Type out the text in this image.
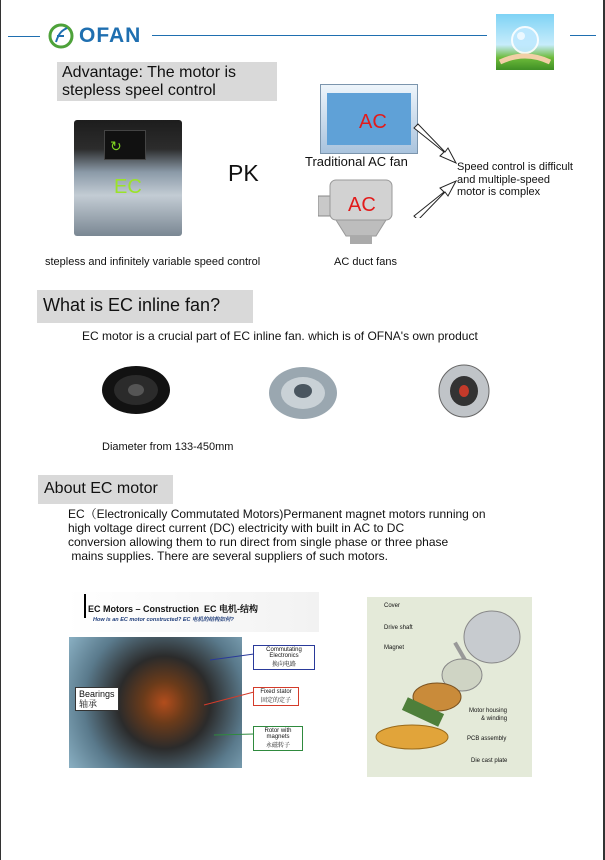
OFAN
Advantage: The motor is
stepless speel control
↻
EC
PK
AC
Traditional AC fan
AC
Speed control is difficult
and multiple-speed
motor is complex
stepless and infinitely variable speed control	AC duct fans
What is EC inline fan?
EC motor is a crucial part of EC inline fan. which is of OFNA's own product
Diameter from 133-450mm
About EC motor
EC（Electronically Commutated Motors)Permanent magnet motors running on
high voltage direct current (DC) electricity with built in AC to DC
conversion allowing them to run direct from single phase or three phase
mains supplies. There are several suppliers of such motors.
EC Motors – Construction EC 电机-结构
How is an EC motor constructed? EC 电机的结构如何?
Bearings
轴承
Commutating
Electronics
换向电路
Fixed stator
固定的定子
Rotor with
magnets
永磁转子
Cover
Drive shaft
Magnet
Motor housing
& winding
PCB assembly
Die cast plate
